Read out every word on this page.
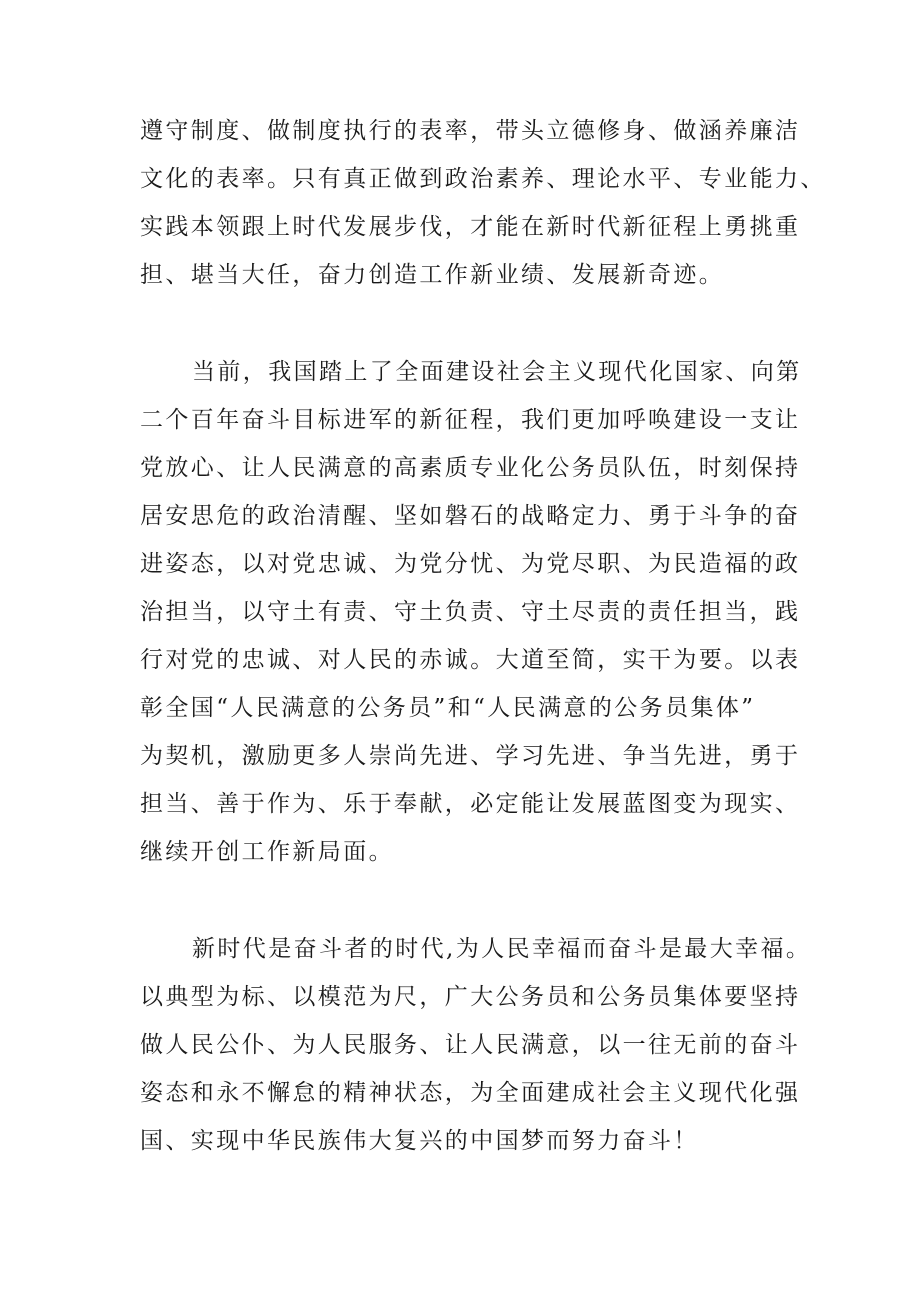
遵守制度、做制度执行的表率，带头立德修身、做涵养廉洁
文化的表率。只有真正做到政治素养、理论水平、专业能力、
实践本领跟上时代发展步伐，才能在新时代新征程上勇挑重
担、堪当大任，奋力创造工作新业绩、发展新奇迹。
当前，我国踏上了全面建设社会主义现代化国家、向第
二个百年奋斗目标进军的新征程，我们更加呼唤建设一支让
党放心、让人民满意的高素质专业化公务员队伍，时刻保持
居安思危的政治清醒、坚如磐石的战略定力、勇于斗争的奋
进姿态，以对党忠诚、为党分忧、为党尽职、为民造福的政
治担当，以守土有责、守土负责、守土尽责的责任担当，践
行对党的忠诚、对人民的赤诚。大道至简，实干为要。以表
彰全国“人民满意的公务员”和“人民满意的公务员集体”
为契机，激励更多人崇尚先进、学习先进、争当先进，勇于
担当、善于作为、乐于奉献，必定能让发展蓝图变为现实、
继续开创工作新局面。
新时代是奋斗者的时代,为人民幸福而奋斗是最大幸福。
以典型为标、以模范为尺，广大公务员和公务员集体要坚持
做人民公仆、为人民服务、让人民满意，以一往无前的奋斗
姿态和永不懈怠的精神状态，为全面建成社会主义现代化强
国、实现中华民族伟大复兴的中国梦而努力奋斗！
